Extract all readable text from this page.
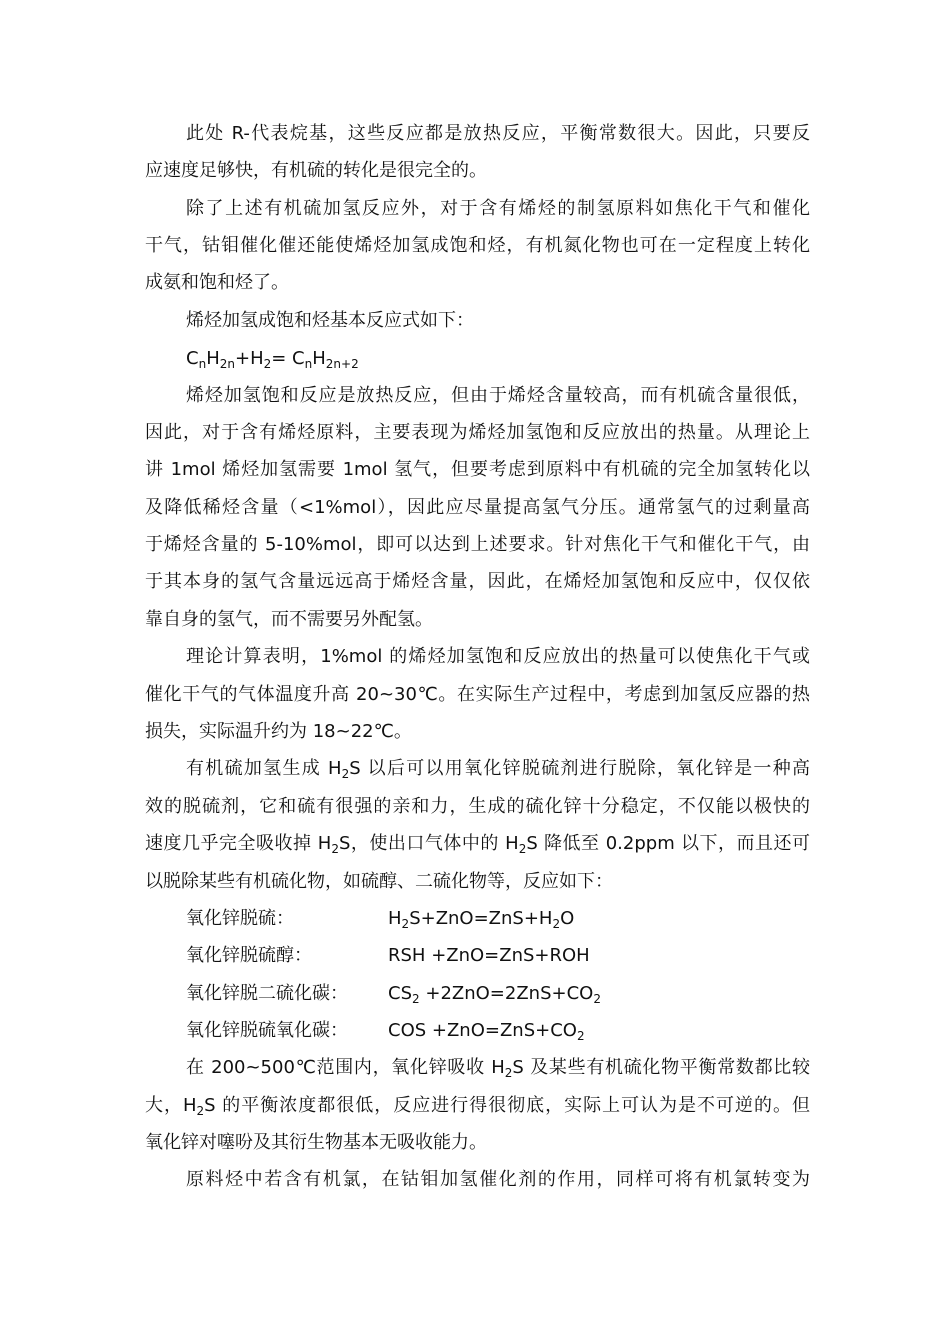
此处 R-代表烷基，这些反应都是放热反应，平衡常数很大。因此，只要反
应速度足够快，有机硫的转化是很完全的。
除了上述有机硫加氢反应外，对于含有烯烃的制氢原料如焦化干气和催化
干气，钴钼催化催还能使烯烃加氢成饱和烃，有机氮化物也可在一定程度上转化
成氨和饱和烃了。
烯烃加氢成饱和烃基本反应式如下：
$C_nH_{2n}+H_2= C_nH_{2n+2}$
烯烃加氢饱和反应是放热反应，但由于烯烃含量较高，而有机硫含量很低，
因此，对于含有烯烃原料，主要表现为烯烃加氢饱和反应放出的热量。从理论上
讲 1mol 烯烃加氢需要 1mol 氢气，但要考虑到原料中有机硫的完全加氢转化以
及降低稀烃含量（<1%mol），因此应尽量提高氢气分压。通常氢气的过剩量高
于烯烃含量的 5-10%mol，即可以达到上述要求。针对焦化干气和催化干气，由
于其本身的氢气含量远远高于烯烃含量，因此，在烯烃加氢饱和反应中，仅仅依
靠自身的氢气，而不需要另外配氢。
理论计算表明，1%mol 的烯烃加氢饱和反应放出的热量可以使焦化干气或
催化干气的气体温度升高 20~30℃。在实际生产过程中，考虑到加氢反应器的热
损失，实际温升约为 18~22℃。
有机硫加氢生成 $H_2S$ 以后可以用氧化锌脱硫剂进行脱除，氧化锌是一种高
效的脱硫剂，它和硫有很强的亲和力，生成的硫化锌十分稳定，不仅能以极快的
速度几乎完全吸收掉 $H_2S$，使出口气体中的 $H_2S$ 降低至 0.2ppm 以下，而且还可
以脱除某些有机硫化物，如硫醇、二硫化物等，反应如下：
氧化锌脱硫：	$H_2S+ZnO=ZnS+H_2O$
氧化锌脱硫醇：	RSH +ZnO=ZnS+ROH
氧化锌脱二硫化碳：	$CS_2 +2ZnO=2ZnS+CO_2$
氧化锌脱硫氧化碳：	COS $+ZnO=ZnS+CO_2$
在 200~500℃范围内，氧化锌吸收 $H_2S$ 及某些有机硫化物平衡常数都比较
大，$H_2S$ 的平衡浓度都很低，反应进行得很彻底，实际上可认为是不可逆的。但
氧化锌对噻吩及其衍生物基本无吸收能力。
原料烃中若含有机氯，在钴钼加氢催化剂的作用，同样可将有机氯转变为
